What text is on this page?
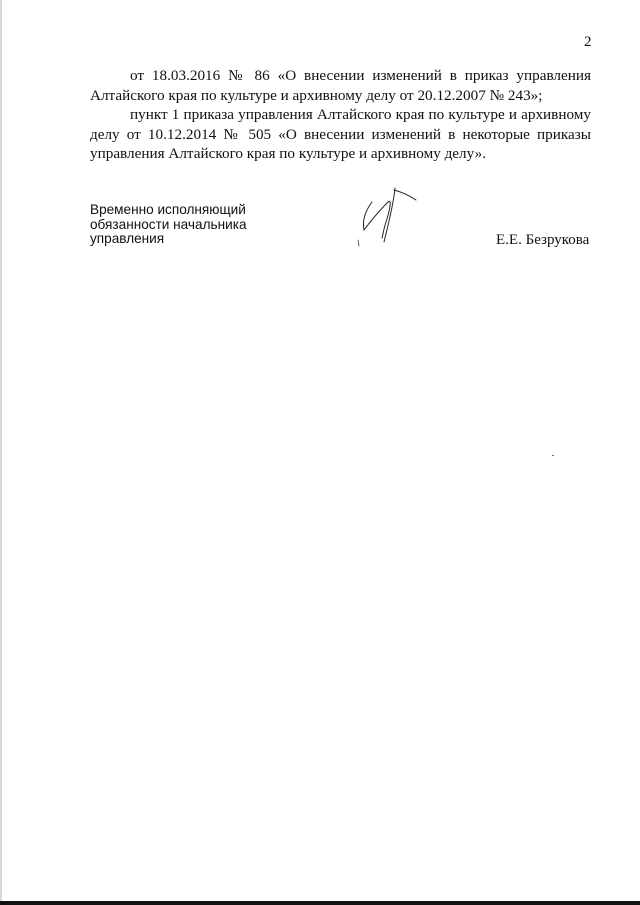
2

от 18.03.2016 № 86 «О внесении изменений в приказ управления Алтайского края по культуре и архивному делу от 20.12.2007 № 243»;

пункт 1 приказа управления Алтайского края по культуре и архивному делу от 10.12.2014 № 505 «О внесении изменений в некоторые приказы управления Алтайского края по культуре и архивному делу».

Временно исполняющий
обязанности начальника
управления	Е.Е. Безрукова
